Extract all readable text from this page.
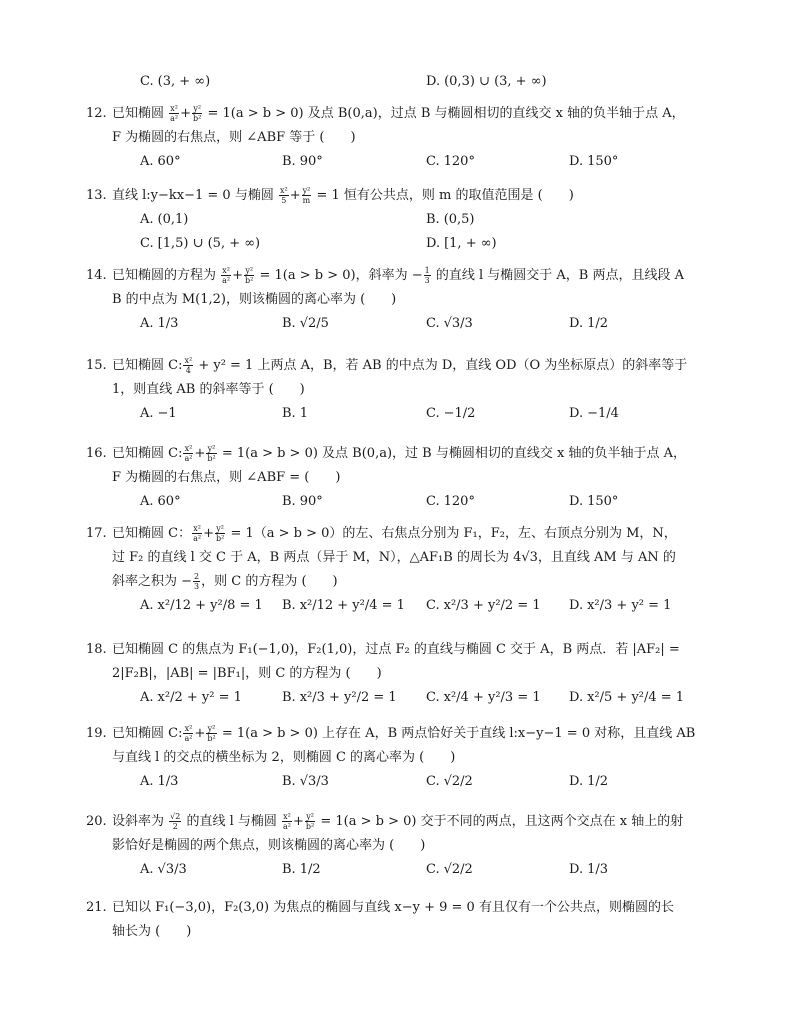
C. (3, + ∞)	D. (0,3) ∪ (3, + ∞)
12. 已知椭圆 $\frac{\text{x²}}{\text{a²}} + \frac{\text{y²}}{\text{b²}} = 1(a > b > 0)$ 及点 B(0,a)，过点 B 与椭圆相切的直线交 x 轴的负半轴于点 A，
F 为椭圆的右焦点，则 ∠ABF 等于 (　　)
A. 60°	B. 90°	C. 120°	D. 150°
13. 直线 l:y−kx−1 = 0 与椭圆 $\frac{\text{x²}}{5} + \frac{\text{y²}}{m} = 1$ 恒有公共点，则 m 的取值范围是 (　　)
A. (0,1)	B. (0,5)
C. [1,5) ∪ (5, + ∞)	D. [1, + ∞)
14. 已知椭圆的方程为 $\frac{\text{x²}}{\text{a²}} + \frac{\text{y²}}{\text{b²}} = 1(a > b > 0)$，斜率为 − $\frac{1}{3}$ 的直线 l 与椭圆交于 A，B 两点，且线段 A
B 的中点为 M(1,2)，则该椭圆的离心率为 (　　)
A. 1/3	B. √2/5	C. √3/3	D. 1/2
15. 已知椭圆 C: $\frac{\text{x²}}{4} + y^2 = 1$ 上两点 A，B，若 AB 的中点为 D，直线 OD（O 为坐标原点）的斜率等于
1，则直线 AB 的斜率等于 (　　)
A. −1	B. 1	C. −1/2	D. −1/4
16. 已知椭圆 C: $\frac{\text{x²}}{\text{a²}} + \frac{\text{y²}}{\text{b²}} = 1(a > b > 0)$ 及点 B(0,a)，过 B 与椭圆相切的直线交 x 轴的负半轴于点 A，
F 为椭圆的右焦点，则 ∠ABF = (　　)
A. 60°	B. 90°	C. 120°	D. 150°
17. 已知椭圆 C： $\frac{\text{x²}}{\text{a²}} + \frac{\text{y²}}{\text{b²}} = 1(a > b > 0)$的左、右焦点分别为 F₁，F₂，左、右顶点分别为 M，N，
过 F₂ 的直线 l 交 C 于 A，B 两点（异于 M，N），△AF₁B 的周长为 4√3，且直线 AM 与 AN 的
斜率之积为 − $\frac{2}{3}$ ，则 C 的方程为 (　　)
A. x²/12 + y²/8 = 1 B. x²/12 + y²/4 = 1 C. x²/3 + y²/2 = 1 D. x²/3 + y² = 1
18. 已知椭圆 C 的焦点为 F₁(−1,0)，F₂(1,0)，过点 F₂ 的直线与椭圆 C 交于 A，B 两点．若 |AF₂| =
2|F₂B|，|AB| = |BF₁|，则 C 的方程为 (　　)
A. x²/2 + y² = 1	B. x²/3 + y²/2 = 1 C. x²/4 + y²/3 = 1 D. x²/5 + y²/4 = 1
19. 已知椭圆 C: $\frac{\text{x²}}{\text{a²}} + \frac{\text{y²}}{\text{b²}} = 1(a > b > 0)$ 上存在 A，B 两点恰好关于直线 l:x−y−1 = 0 对称，且直线 AB
与直线 l 的交点的横坐标为 2，则椭圆 C 的离心率为 (　　)
A. 1/3	B. √3/3	C. √2/2	D. 1/2
20. 设斜率为 $\frac{√2}{2}$ 的直线 l 与椭圆 $\frac{\text{x²}}{\text{a²}} + \frac{\text{y²}}{\text{b²}} = 1(a > b > 0)$ 交于不同的两点，且这两个交点在 x 轴上的射
影恰好是椭圆的两个焦点，则该椭圆的离心率为 (　　)
A. √3/3	B. 1/2	C. √2/2	D. 1/3
21. 已知以 F₁(−3,0)，F₂(3,0) 为焦点的椭圆与直线 x−y + 9 = 0 有且仅有一个公共点，则椭圆的长
轴长为 (　　)
